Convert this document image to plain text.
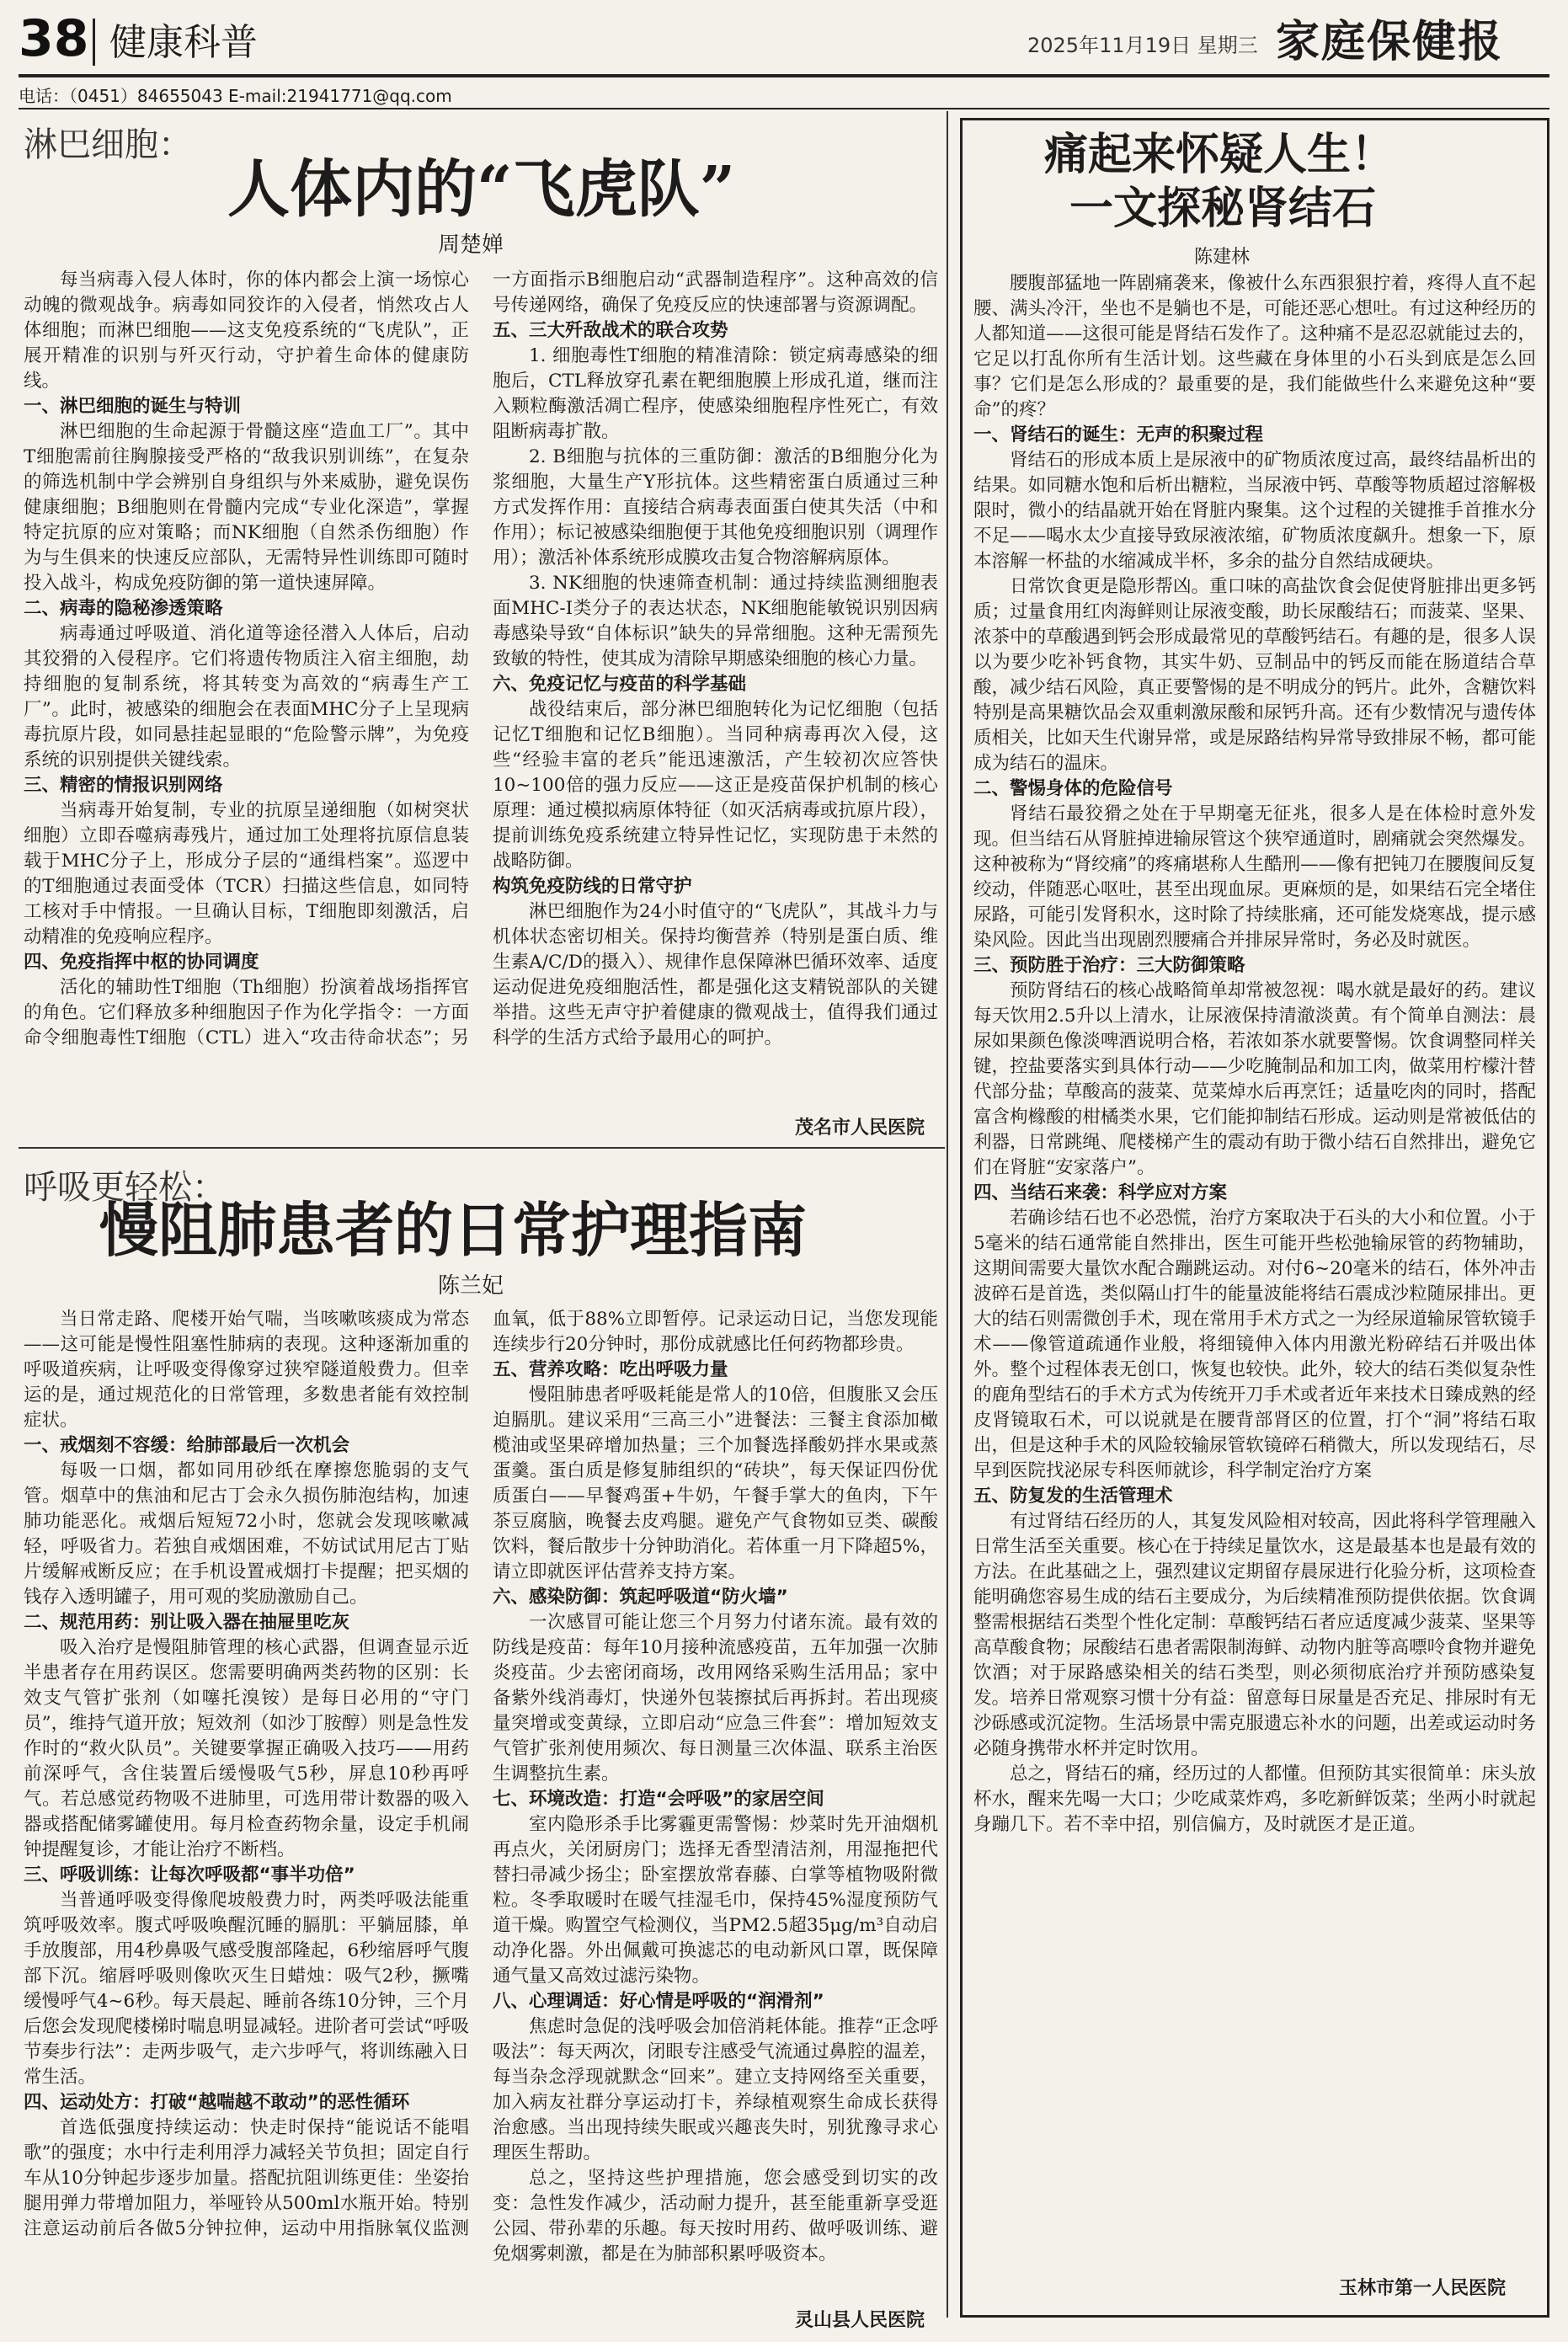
38 健康科普	2025年11月19日 星期三 家庭保健报
电话：（0451）84655043 E-mail:21941771@qq.com
淋巴细胞：
人体内的“飞虎队”
周楚婵

每当病毒入侵人体时，你的体内都会上演一场惊心动魄的微观战争。病毒如同狡诈的入侵者，悄然攻占人体细胞；而淋巴细胞——这支免疫系统的“飞虎队”，正展开精准的识别与歼灭行动，守护着生命体的健康防线。

一、淋巴细胞的诞生与特训

淋巴细胞的生命起源于骨髓这座“造血工厂”。其中T细胞需前往胸腺接受严格的“敌我识别训练”，在复杂的筛选机制中学会辨别自身组织与外来威胁，避免误伤健康细胞；B细胞则在骨髓内完成“专业化深造”，掌握特定抗原的应对策略；而NK细胞（自然杀伤细胞）作为与生俱来的快速反应部队，无需特异性训练即可随时投入战斗，构成免疫防御的第一道快速屏障。

二、病毒的隐秘渗透策略

病毒通过呼吸道、消化道等途径潜入人体后，启动其狡猾的入侵程序。它们将遗传物质注入宿主细胞，劫持细胞的复制系统，将其转变为高效的“病毒生产工厂”。此时，被感染的细胞会在表面MHC分子上呈现病毒抗原片段，如同悬挂起显眼的“危险警示牌”，为免疫系统的识别提供关键线索。

三、精密的情报识别网络

当病毒开始复制，专业的抗原呈递细胞（如树突状细胞）立即吞噬病毒残片，通过加工处理将抗原信息装载于MHC分子上，形成分子层的“通缉档案”。巡逻中的T细胞通过表面受体（TCR）扫描这些信息，如同特工核对手中情报。一旦确认目标，T细胞即刻激活，启动精准的免疫响应程序。

四、免疫指挥中枢的协同调度

活化的辅助性T细胞（Th细胞）扮演着战场指挥官的角色。它们释放多种细胞因子作为化学指令：一方面命令细胞毒性T细胞（CTL）进入“攻击待命状态”；另一方面指示B细胞启动“武器制造程序”。这种高效的信号传递网络，确保了免疫反应的快速部署与资源调配。

五、三大歼敌战术的联合攻势

1. 细胞毒性T细胞的精准清除：锁定病毒感染的细胞后，CTL释放穿孔素在靶细胞膜上形成孔道，继而注入颗粒酶激活凋亡程序，使感染细胞程序性死亡，有效阻断病毒扩散。

2. B细胞与抗体的三重防御：激活的B细胞分化为浆细胞，大量生产Y形抗体。这些精密蛋白质通过三种方式发挥作用：直接结合病毒表面蛋白使其失活（中和作用）；标记被感染细胞便于其他免疫细胞识别（调理作用）；激活补体系统形成膜攻击复合物溶解病原体。

3. NK细胞的快速筛查机制：通过持续监测细胞表面MHC-I类分子的表达状态，NK细胞能敏锐识别因病毒感染导致“自体标识”缺失的异常细胞。这种无需预先致敏的特性，使其成为清除早期感染细胞的核心力量。

六、免疫记忆与疫苗的科学基础

战役结束后，部分淋巴细胞转化为记忆细胞（包括记忆T细胞和记忆B细胞）。当同种病毒再次入侵，这些“经验丰富的老兵”能迅速激活，产生较初次应答快10~100倍的强力反应——这正是疫苗保护机制的核心原理：通过模拟病原体特征（如灭活病毒或抗原片段），提前训练免疫系统建立特异性记忆，实现防患于未然的战略防御。

构筑免疫防线的日常守护

淋巴细胞作为24小时值守的“飞虎队”，其战斗力与机体状态密切相关。保持均衡营养（特别是蛋白质、维生素A/C/D的摄入）、规律作息保障淋巴循环效率、适度运动促进免疫细胞活性，都是强化这支精锐部队的关键举措。这些无声守护着健康的微观战士，值得我们通过科学的生活方式给予最用心的呵护。

茂名市人民医院
呼吸更轻松：
慢阻肺患者的日常护理指南
陈兰妃

当日常走路、爬楼开始气喘，当咳嗽咳痰成为常态——这可能是慢性阻塞性肺病的表现。这种逐渐加重的呼吸道疾病，让呼吸变得像穿过狭窄隧道般费力。但幸运的是，通过规范化的日常管理，多数患者能有效控制症状。

一、戒烟刻不容缓：给肺部最后一次机会

每吸一口烟，都如同用砂纸在摩擦您脆弱的支气管。烟草中的焦油和尼古丁会永久损伤肺泡结构，加速肺功能恶化。戒烟后短短72小时，您就会发现咳嗽减轻，呼吸省力。若独自戒烟困难，不妨试试用尼古丁贴片缓解戒断反应；在手机设置戒烟打卡提醒；把买烟的钱存入透明罐子，用可观的奖励激励自己。

二、规范用药：别让吸入器在抽屉里吃灰

吸入治疗是慢阻肺管理的核心武器，但调查显示近半患者存在用药误区。您需要明确两类药物的区别：长效支气管扩张剂（如噻托溴铵）是每日必用的“守门员”，维持气道开放；短效剂（如沙丁胺醇）则是急性发作时的“救火队员”。关键要掌握正确吸入技巧——用药前深呼气，含住装置后缓慢吸气5秒，屏息10秒再呼气。若总感觉药物吸不进肺里，可选用带计数器的吸入器或搭配储雾罐使用。每月检查药物余量，设定手机闹钟提醒复诊，才能让治疗不断档。

三、呼吸训练：让每次呼吸都“事半功倍”

当普通呼吸变得像爬坡般费力时，两类呼吸法能重筑呼吸效率。腹式呼吸唤醒沉睡的膈肌：平躺屈膝，单手放腹部，用4秒鼻吸气感受腹部隆起，6秒缩唇呼气腹部下沉。缩唇呼吸则像吹灭生日蜡烛：吸气2秒，撅嘴缓慢呼气4~6秒。每天晨起、睡前各练10分钟，三个月后您会发现爬楼梯时喘息明显减轻。进阶者可尝试“呼吸节奏步行法”：走两步吸气，走六步呼气，将训练融入日常生活。

四、运动处方：打破“越喘越不敢动”的恶性循环

首选低强度持续运动：快走时保持“能说话不能唱歌”的强度；水中行走利用浮力减轻关节负担；固定自行车从10分钟起步逐步加量。搭配抗阻训练更佳：坐姿抬腿用弹力带增加阻力，举哑铃从500ml水瓶开始。特别注意运动前后各做5分钟拉伸，运动中用指脉氧仪监测血氧，低于88%立即暂停。记录运动日记，当您发现能连续步行20分钟时，那份成就感比任何药物都珍贵。

五、营养攻略：吃出呼吸力量

慢阻肺患者呼吸耗能是常人的10倍，但腹胀又会压迫膈肌。建议采用“三高三小”进餐法：三餐主食添加橄榄油或坚果碎增加热量；三个加餐选择酸奶拌水果或蒸蛋羹。蛋白质是修复肺组织的“砖块”，每天保证四份优质蛋白——早餐鸡蛋+牛奶，午餐手掌大的鱼肉，下午茶豆腐脑，晚餐去皮鸡腿。避免产气食物如豆类、碳酸饮料，餐后散步十分钟助消化。若体重一月下降超5%，请立即就医评估营养支持方案。

六、感染防御：筑起呼吸道“防火墙”

一次感冒可能让您三个月努力付诸东流。最有效的防线是疫苗：每年10月接种流感疫苗，五年加强一次肺炎疫苗。少去密闭商场，改用网络采购生活用品；家中备紫外线消毒灯，快递外包装擦拭后再拆封。若出现痰量突增或变黄绿，立即启动“应急三件套”：增加短效支气管扩张剂使用频次、每日测量三次体温、联系主治医生调整抗生素。

七、环境改造：打造“会呼吸”的家居空间

室内隐形杀手比雾霾更需警惕：炒菜时先开油烟机再点火，关闭厨房门；选择无香型清洁剂，用湿拖把代替扫帚减少扬尘；卧室摆放常春藤、白掌等植物吸附微粒。冬季取暖时在暖气挂湿毛巾，保持45%湿度预防气道干燥。购置空气检测仪，当PM2.5超35μg/m³自动启动净化器。外出佩戴可换滤芯的电动新风口罩，既保障通气量又高效过滤污染物。

八、心理调适：好心情是呼吸的“润滑剂”

焦虑时急促的浅呼吸会加倍消耗体能。推荐“正念呼吸法”：每天两次，闭眼专注感受气流通过鼻腔的温差，每当杂念浮现就默念“回来”。建立支持网络至关重要，加入病友社群分享运动打卡，养绿植观察生命成长获得治愈感。当出现持续失眠或兴趣丧失时，别犹豫寻求心理医生帮助。

总之，坚持这些护理措施，您会感受到切实的改变：急性发作减少，活动耐力提升，甚至能重新享受逛公园、带孙辈的乐趣。每天按时用药、做呼吸训练、避免烟雾刺激，都是在为肺部积累呼吸资本。

灵山县人民医院
痛起来怀疑人生！
一文探秘肾结石
陈建林

腰腹部猛地一阵剧痛袭来，像被什么东西狠狠拧着，疼得人直不起腰、满头冷汗，坐也不是躺也不是，可能还恶心想吐。有过这种经历的人都知道——这很可能是肾结石发作了。这种痛不是忍忍就能过去的，它足以打乱你所有生活计划。这些藏在身体里的小石头到底是怎么回事？它们是怎么形成的？最重要的是，我们能做些什么来避免这种“要命”的疼？

一、肾结石的诞生：无声的积聚过程

肾结石的形成本质上是尿液中的矿物质浓度过高，最终结晶析出的结果。如同糖水饱和后析出糖粒，当尿液中钙、草酸等物质超过溶解极限时，微小的结晶就开始在肾脏内聚集。这个过程的关键推手首推水分不足——喝水太少直接导致尿液浓缩，矿物质浓度飙升。想象一下，原本溶解一杯盐的水缩减成半杯，多余的盐分自然结成硬块。

日常饮食更是隐形帮凶。重口味的高盐饮食会促使肾脏排出更多钙质；过量食用红肉海鲜则让尿液变酸，助长尿酸结石；而菠菜、坚果、浓茶中的草酸遇到钙会形成最常见的草酸钙结石。有趣的是，很多人误以为要少吃补钙食物，其实牛奶、豆制品中的钙反而能在肠道结合草酸，减少结石风险，真正要警惕的是不明成分的钙片。此外，含糖饮料特别是高果糖饮品会双重刺激尿酸和尿钙升高。还有少数情况与遗传体质相关，比如天生代谢异常，或是尿路结构异常导致排尿不畅，都可能成为结石的温床。

二、警惕身体的危险信号

肾结石最狡猾之处在于早期毫无征兆，很多人是在体检时意外发现。但当结石从肾脏掉进输尿管这个狭窄通道时，剧痛就会突然爆发。这种被称为“肾绞痛”的疼痛堪称人生酷刑——像有把钝刀在腰腹间反复绞动，伴随恶心呕吐，甚至出现血尿。更麻烦的是，如果结石完全堵住尿路，可能引发肾积水，这时除了持续胀痛，还可能发烧寒战，提示感染风险。因此当出现剧烈腰痛合并排尿异常时，务必及时就医。

三、预防胜于治疗：三大防御策略

预防肾结石的核心战略简单却常被忽视：喝水就是最好的药。建议每天饮用2.5升以上清水，让尿液保持清澈淡黄。有个简单自测法：晨尿如果颜色像淡啤酒说明合格，若浓如茶水就要警惕。饮食调整同样关键，控盐要落实到具体行动——少吃腌制品和加工肉，做菜用柠檬汁替代部分盐；草酸高的菠菜、苋菜焯水后再烹饪；适量吃肉的同时，搭配富含枸橼酸的柑橘类水果，它们能抑制结石形成。运动则是常被低估的利器，日常跳绳、爬楼梯产生的震动有助于微小结石自然排出，避免它们在肾脏“安家落户”。

四、当结石来袭：科学应对方案

若确诊结石也不必恐慌，治疗方案取决于石头的大小和位置。小于5毫米的结石通常能自然排出，医生可能开些松弛输尿管的药物辅助，这期间需要大量饮水配合蹦跳运动。对付6~20毫米的结石，体外冲击波碎石是首选，类似隔山打牛的能量波能将结石震成沙粒随尿排出。更大的结石则需微创手术，现在常用手术方式之一为经尿道输尿管软镜手术——像管道疏通作业般，将细镜伸入体内用激光粉碎结石并吸出体外。整个过程体表无创口，恢复也较快。此外，较大的结石类似复杂性的鹿角型结石的手术方式为传统开刀手术或者近年来技术日臻成熟的经皮肾镜取石术，可以说就是在腰背部肾区的位置，打个“洞”将结石取出，但是这种手术的风险较输尿管软镜碎石稍微大，所以发现结石，尽早到医院找泌尿专科医师就诊，科学制定治疗方案

五、防复发的生活管理术

有过肾结石经历的人，其复发风险相对较高，因此将科学管理融入日常生活至关重要。核心在于持续足量饮水，这是最基本也是最有效的方法。在此基础之上，强烈建议定期留存晨尿进行化验分析，这项检查能明确您容易生成的结石主要成分，为后续精准预防提供依据。饮食调整需根据结石类型个性化定制：草酸钙结石者应适度减少菠菜、坚果等高草酸食物；尿酸结石患者需限制海鲜、动物内脏等高嘌呤食物并避免饮酒；对于尿路感染相关的结石类型，则必须彻底治疗并预防感染复发。培养日常观察习惯十分有益：留意每日尿量是否充足、排尿时有无沙砾感或沉淀物。生活场景中需克服遗忘补水的问题，出差或运动时务必随身携带水杯并定时饮用。

总之，肾结石的痛，经历过的人都懂。但预防其实很简单：床头放杯水，醒来先喝一大口；少吃咸菜炸鸡，多吃新鲜饭菜；坐两小时就起身蹦几下。若不幸中招，别信偏方，及时就医才是正道。

玉林市第一人民医院
